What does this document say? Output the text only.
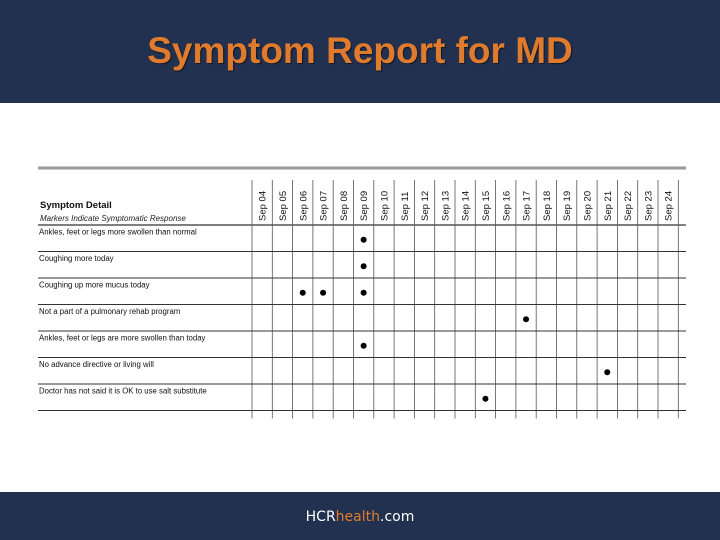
Symptom Report for MD
Symptom Detail
Markers Indicate Symptomatic Response	Sep 04 Sep 05 Sep 06 Sep 07 Sep 08 Sep 09 Sep 10 Sep 11 Sep 12 Sep 13 Sep 14 Sep 15 Sep 16 Sep 17 Sep 18 Sep 19 Sep 20 Sep 21 Sep 22 Sep 23 Sep 24
Ankles, feet or legs more swollen than normal
Coughing more today
Coughing up more mucus today
Not a part of a pulmonary rehab program
Ankles, feet or legs are more swollen than today
No advance directive or living will
Doctor has not said it is OK to use salt substitute
HCRhealth.com
